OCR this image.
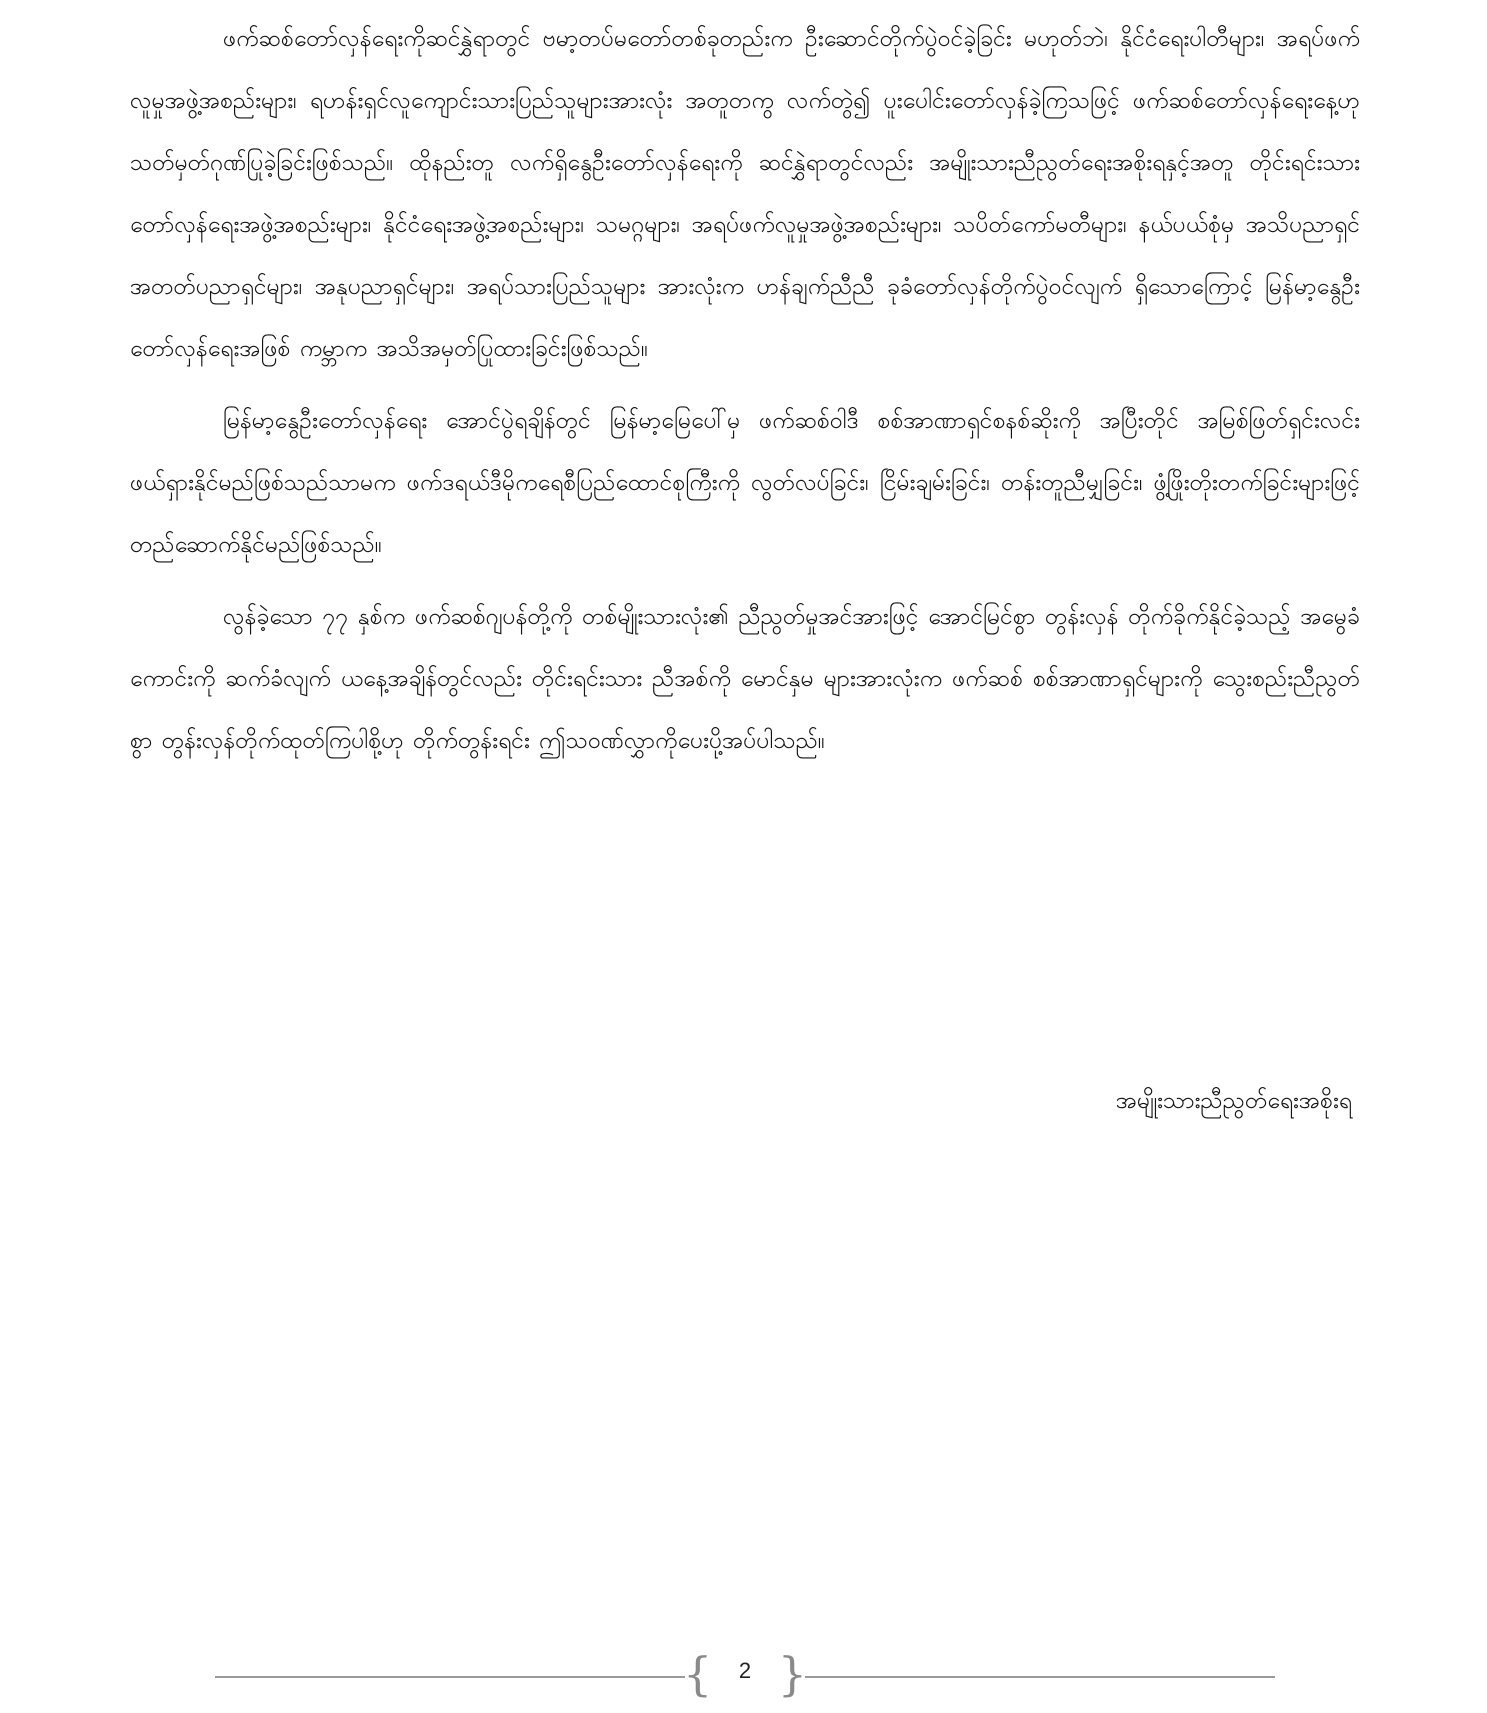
ဖက်ဆစ်တော်လှန်ရေးကိုဆင်နွှဲရာတွင် ဗမာ့တပ်မတော်တစ်ခုတည်းက ဦးဆောင်တိုက်ပွဲဝင်ခဲ့ခြင်း မဟုတ်ဘဲ၊ နိုင်ငံရေးပါတီများ၊ အရပ်ဖက်လူမှုအဖွဲ့အစည်းများ၊ ရဟန်းရှင်လူကျောင်းသားပြည်သူများအားလုံး အတူတကွ လက်တွဲ၍ ပူးပေါင်းတော်လှန်ခဲ့ကြသဖြင့် ဖက်ဆစ်တော်လှန်ရေးနေ့ဟု သတ်မှတ်ဂုဏ်ပြုခဲ့ခြင်းဖြစ်သည်။ ထိုနည်းတူ လက်ရှိနွေဦးတော်လှန်ရေးကို ဆင်နွှဲရာတွင်လည်း အမျိုးသားညီညွတ်ရေးအစိုးရနှင့်အတူ တိုင်းရင်းသား တော်လှန်ရေးအဖွဲ့အစည်းများ၊ နိုင်ငံရေးအဖွဲ့အစည်းများ၊ သမဂ္ဂများ၊ အရပ်ဖက်လူမှုအဖွဲ့အစည်းများ၊ သပိတ်ကော်မတီများ၊ နယ်ပယ်စုံမှ အသိပညာရှင် အတတ်ပညာရှင်များ၊ အနုပညာရှင်များ၊ အရပ်သားပြည်သူများ အားလုံးက ဟန်ချက်ညီညီ ခုခံတော်လှန်တိုက်ပွဲဝင်လျက် ရှိသောကြောင့် မြန်မာ့နွေဦးတော်လှန်ရေးအဖြစ် ကမ္ဘာက အသိအမှတ်ပြုထားခြင်းဖြစ်သည်။

မြန်မာ့နွေဦးတော်လှန်ရေး အောင်ပွဲရချိန်တွင် မြန်မာ့မြေပေါ်မှ ဖက်ဆစ်ဝါဒီ စစ်အာဏာရှင်စနစ်ဆိုးကို အပြီးတိုင် အမြစ်ဖြတ်ရှင်းလင်းဖယ်ရှားနိုင်မည်ဖြစ်သည်သာမက ဖက်ဒရယ်ဒီမိုကရေစီပြည်ထောင်စုကြီးကို လွတ်လပ်ခြင်း၊ ငြိမ်းချမ်းခြင်း၊ တန်းတူညီမျှခြင်း၊ ဖွံ့ဖြိုးတိုးတက်ခြင်းများဖြင့် တည်ဆောက်နိုင်မည်ဖြစ်သည်။

လွန်ခဲ့သော ၇၇ နှစ်က ဖက်ဆစ်ဂျပန်တို့ကို တစ်မျိုးသားလုံး၏ ညီညွတ်မှုအင်အားဖြင့် အောင်မြင်စွာ တွန်းလှန် တိုက်ခိုက်နိုင်ခဲ့သည့် အမွေခံကောင်းကို ဆက်ခံလျက် ယနေ့အချိန်တွင်လည်း တိုင်းရင်းသား ညီအစ်ကို မောင်နှမ များအားလုံးက ဖက်ဆစ် စစ်အာဏာရှင်များကို သွေးစည်းညီညွတ်စွာ တွန်းလှန်တိုက်ထုတ်ကြပါစို့ဟု တိုက်တွန်းရင်း ဤသဝဏ်လွှာကိုပေးပို့အပ်ပါသည်။

အမျိုးသားညီညွတ်ရေးအစိုးရ
{ }
2
